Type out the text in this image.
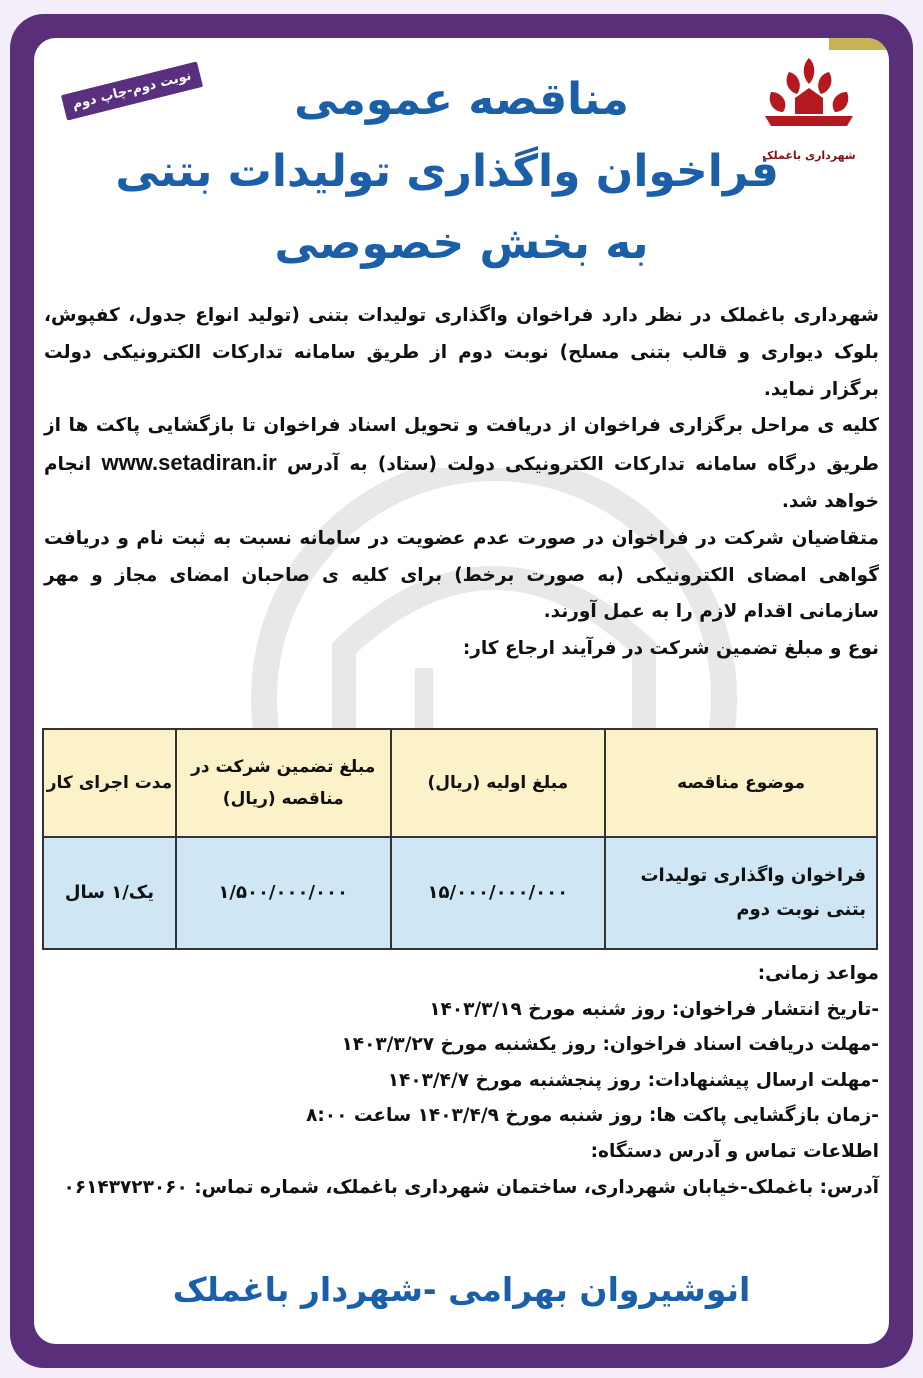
شهرداری باغملک
نوبت دوم-چاپ دوم	مناقصه عمومی
فراخوان واگذاری تولیدات بتنی
به بخش خصوصی

شهرداری باغملک در نظر دارد فراخوان واگذاری تولیدات بتنی (تولید انواع جدول، کفپوش، بلوک دیواری و قالب بتنی مسلح) نوبت دوم از طریق سامانه تدارکات الکترونیکی دولت برگزار نماید.

کلیه ی مراحل برگزاری فراخوان از دریافت و تحویل اسناد فراخوان تا بازگشایی پاکت ها از طریق درگاه سامانه تدارکات الکترونیکی دولت (ستاد) به آدرس www.setadiran.ir انجام خواهد شد.

متقاضیان شرکت در فراخوان در صورت عدم عضویت در سامانه نسبت به ثبت نام و دریافت گواهی امضای الکترونیکی (به صورت برخط) برای کلیه ی صاحبان امضای مجاز و مهر سازمانی اقدام لازم را به عمل آورند.

نوع و مبلغ تضمین شرکت در فرآیند ارجاع کار:

موضوع مناقصه	مبلغ اولیه (ریال)	مبلغ تضمین شرکت در مناقصه (ریال)	مدت اجرای کار
فراخوان واگذاری تولیدات بتنی نوبت دوم	۱۵/۰۰۰/۰۰۰/۰۰۰	۱/۵۰۰/۰۰۰/۰۰۰	یک/۱ سال
مواعد زمانی:
-تاریخ انتشار فراخوان: روز شنبه مورخ ۱۴۰۳/۳/۱۹
-مهلت دریافت اسناد فراخوان: روز یکشنبه مورخ ۱۴۰۳/۳/۲۷
-مهلت ارسال پیشنهادات: روز پنجشنبه مورخ ۱۴۰۳/۴/۷
-زمان بازگشایی پاکت ها: روز شنبه مورخ ۱۴۰۳/۴/۹ ساعت ۸:۰۰
اطلاعات تماس و آدرس دستگاه:
آدرس: باغملک-خیابان شهرداری، ساختمان شهرداری باغملک، شماره تماس: ۰۶۱۴۳۷۲۳۰۶۰
انوشیروان بهرامی -شهردار باغملک
